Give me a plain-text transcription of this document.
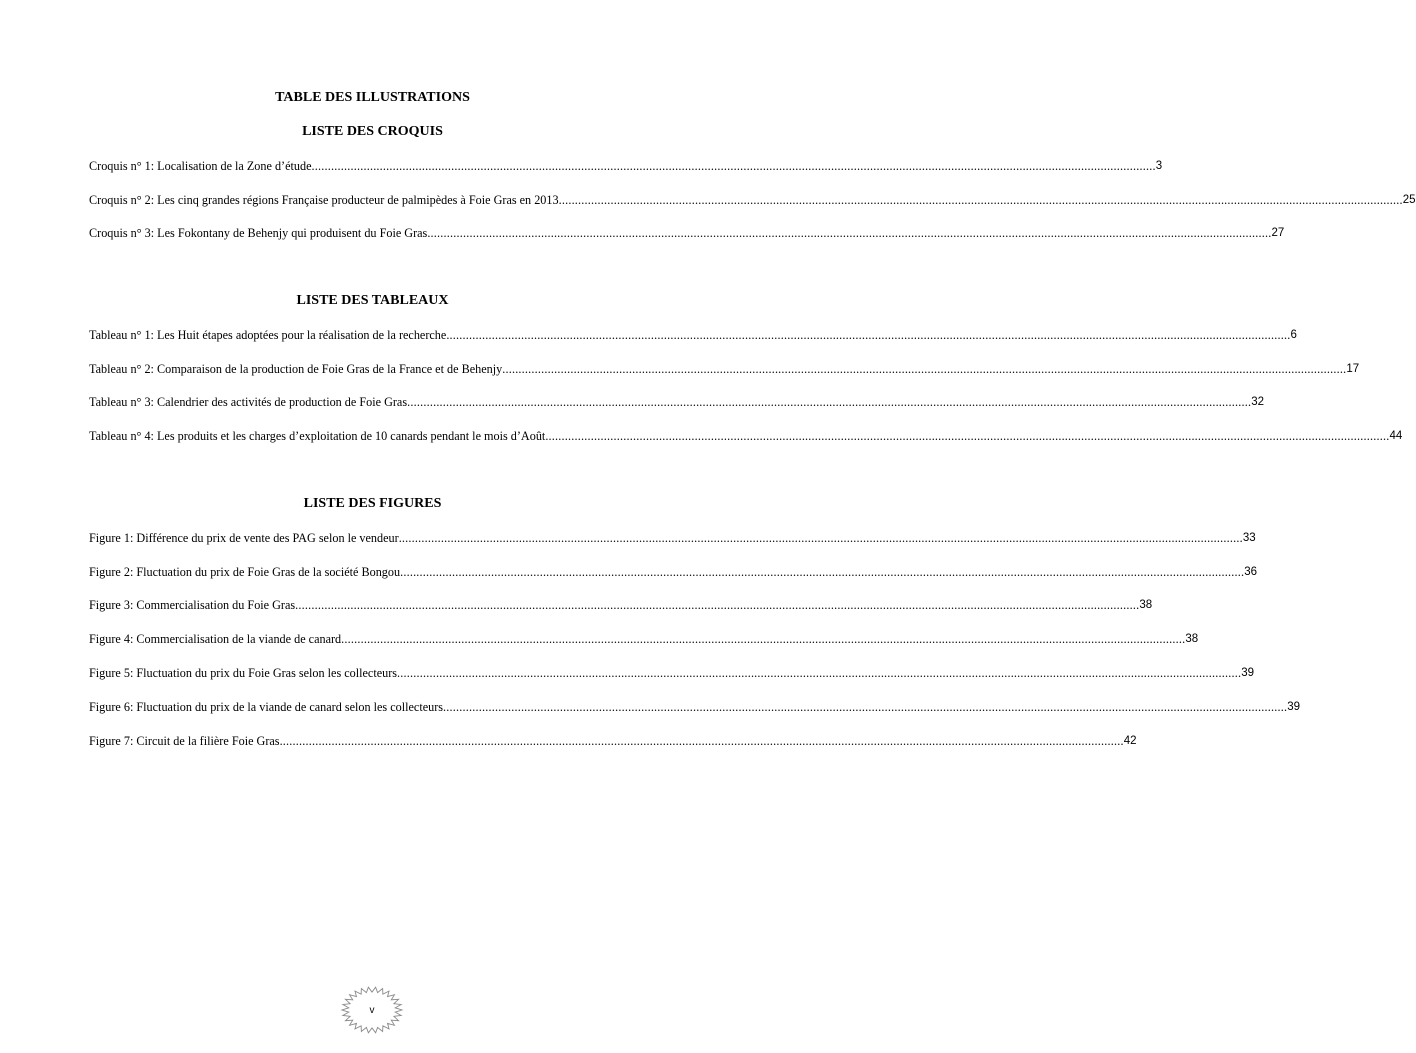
TABLE DES ILLUSTRATIONS
LISTE DES CROQUIS
Croquis n° 1: Localisation de la Zone d’étude .................................................................................................................................................................................................................................................................... 3
Croquis n° 2: Les cinq grandes régions Française producteur de palmipèdes à Foie Gras en 2013 .................................................................................................................................................................................................................................................................... 25
Croquis n° 3: Les Fokontany de Behenjy qui produisent du Foie Gras .................................................................................................................................................................................................................................................................... 27
LISTE DES TABLEAUX
Tableau n° 1: Les Huit étapes adoptées pour la réalisation de la recherche .................................................................................................................................................................................................................................................................... 6
Tableau n° 2: Comparaison de la production de Foie Gras de la France et de Behenjy .................................................................................................................................................................................................................................................................... 17
Tableau n° 3: Calendrier des activités de production de Foie Gras .................................................................................................................................................................................................................................................................... 32
Tableau n° 4: Les produits et les charges d’exploitation de 10 canards pendant le mois d’Août .................................................................................................................................................................................................................................................................... 44
LISTE DES FIGURES
Figure 1: Différence du prix de vente des PAG selon le vendeur .................................................................................................................................................................................................................................................................... 33
Figure 2: Fluctuation du prix de Foie Gras de la société Bongou .................................................................................................................................................................................................................................................................... 36
Figure 3: Commercialisation du Foie Gras .................................................................................................................................................................................................................................................................... 38
Figure 4: Commercialisation de la viande de canard .................................................................................................................................................................................................................................................................... 38
Figure 5: Fluctuation du prix du Foie Gras selon les collecteurs .................................................................................................................................................................................................................................................................... 39
Figure 6: Fluctuation du prix de la viande de canard selon les collecteurs .................................................................................................................................................................................................................................................................... 39
Figure 7: Circuit de la filière Foie Gras .................................................................................................................................................................................................................................................................... 42
v
